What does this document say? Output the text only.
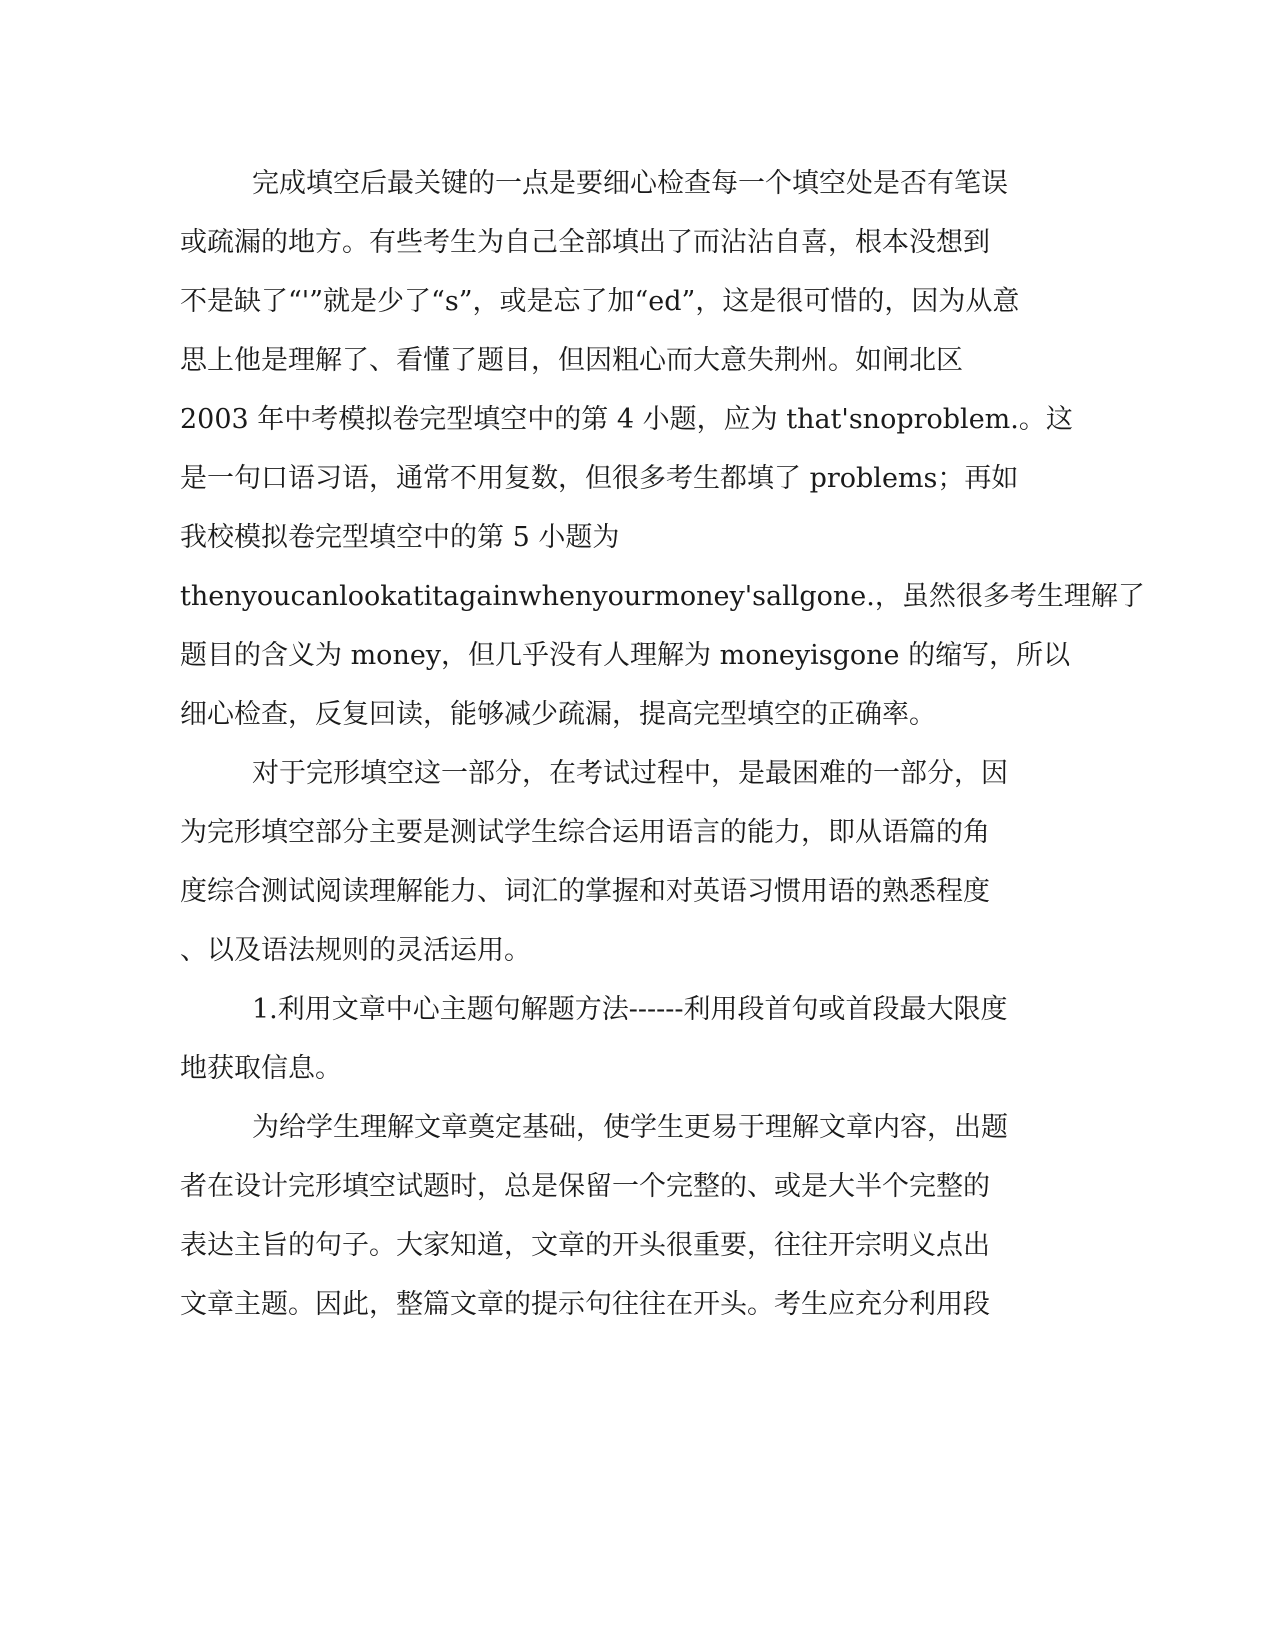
完成填空后最关键的一点是要细心检查每一个填空处是否有笔误
或疏漏的地方。有些考生为自己全部填出了而沾沾自喜，根本没想到
不是缺了“'”就是少了“s”，或是忘了加“ed”，这是很可惜的，因为从意
思上他是理解了、看懂了题目，但因粗心而大意失荆州。如闸北区
2003 年中考模拟卷完型填空中的第 4 小题，应为 that'snoproblem.。这
是一句口语习语，通常不用复数，但很多考生都填了 problems；再如
我校模拟卷完型填空中的第 5 小题为
thenyoucanlookatitagainwhenyourmoney'sallgone.，虽然很多考生理解了
题目的含义为 money，但几乎没有人理解为 moneyisgone 的缩写，所以
细心检查，反复回读，能够减少疏漏，提高完型填空的正确率。
对于完形填空这一部分，在考试过程中，是最困难的一部分，因
为完形填空部分主要是测试学生综合运用语言的能力，即从语篇的角
度综合测试阅读理解能力、词汇的掌握和对英语习惯用语的熟悉程度
、以及语法规则的灵活运用。
1.利用文章中心主题句解题方法------利用段首句或首段最大限度
地获取信息。
为给学生理解文章奠定基础，使学生更易于理解文章内容，出题
者在设计完形填空试题时，总是保留一个完整的、或是大半个完整的
表达主旨的句子。大家知道，文章的开头很重要，往往开宗明义点出
文章主题。因此，整篇文章的提示句往往在开头。考生应充分利用段
